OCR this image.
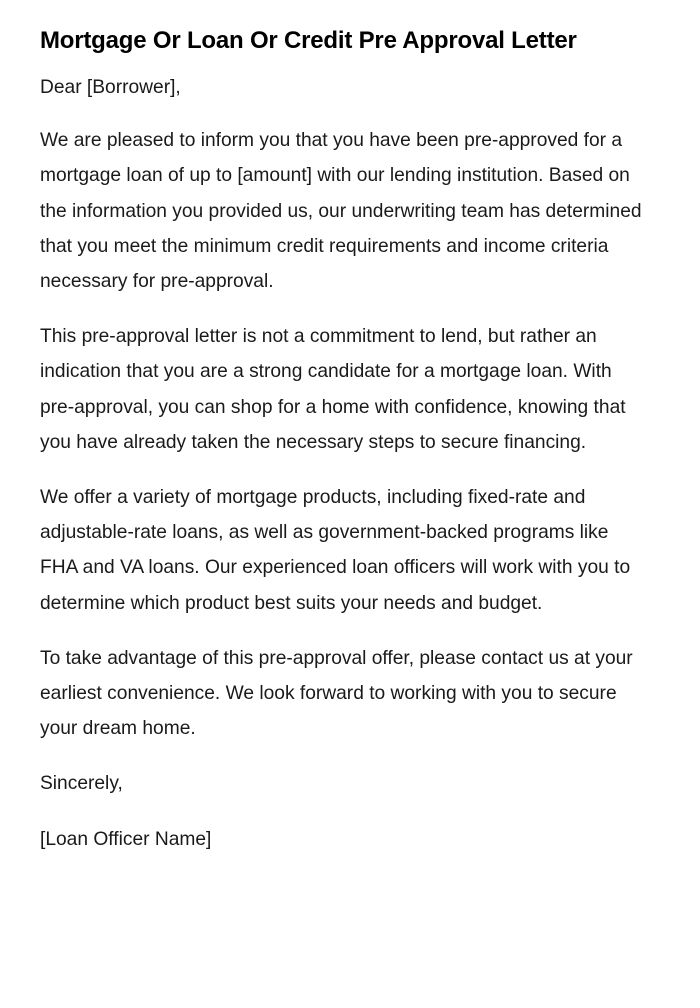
Mortgage Or Loan Or Credit Pre Approval Letter

Dear [Borrower],

We are pleased to inform you that you have been pre-approved for a mortgage loan of up to [amount] with our lending institution. Based on the information you provided us, our underwriting team has determined that you meet the minimum credit requirements and income criteria necessary for pre-approval.

This pre-approval letter is not a commitment to lend, but rather an indication that you are a strong candidate for a mortgage loan. With pre-approval, you can shop for a home with confidence, knowing that you have already taken the necessary steps to secure financing.

We offer a variety of mortgage products, including fixed-rate and adjustable-rate loans, as well as government-backed programs like FHA and VA loans. Our experienced loan officers will work with you to determine which product best suits your needs and budget.

To take advantage of this pre-approval offer, please contact us at your earliest convenience. We look forward to working with you to secure your dream home.

Sincerely,

[Loan Officer Name]
